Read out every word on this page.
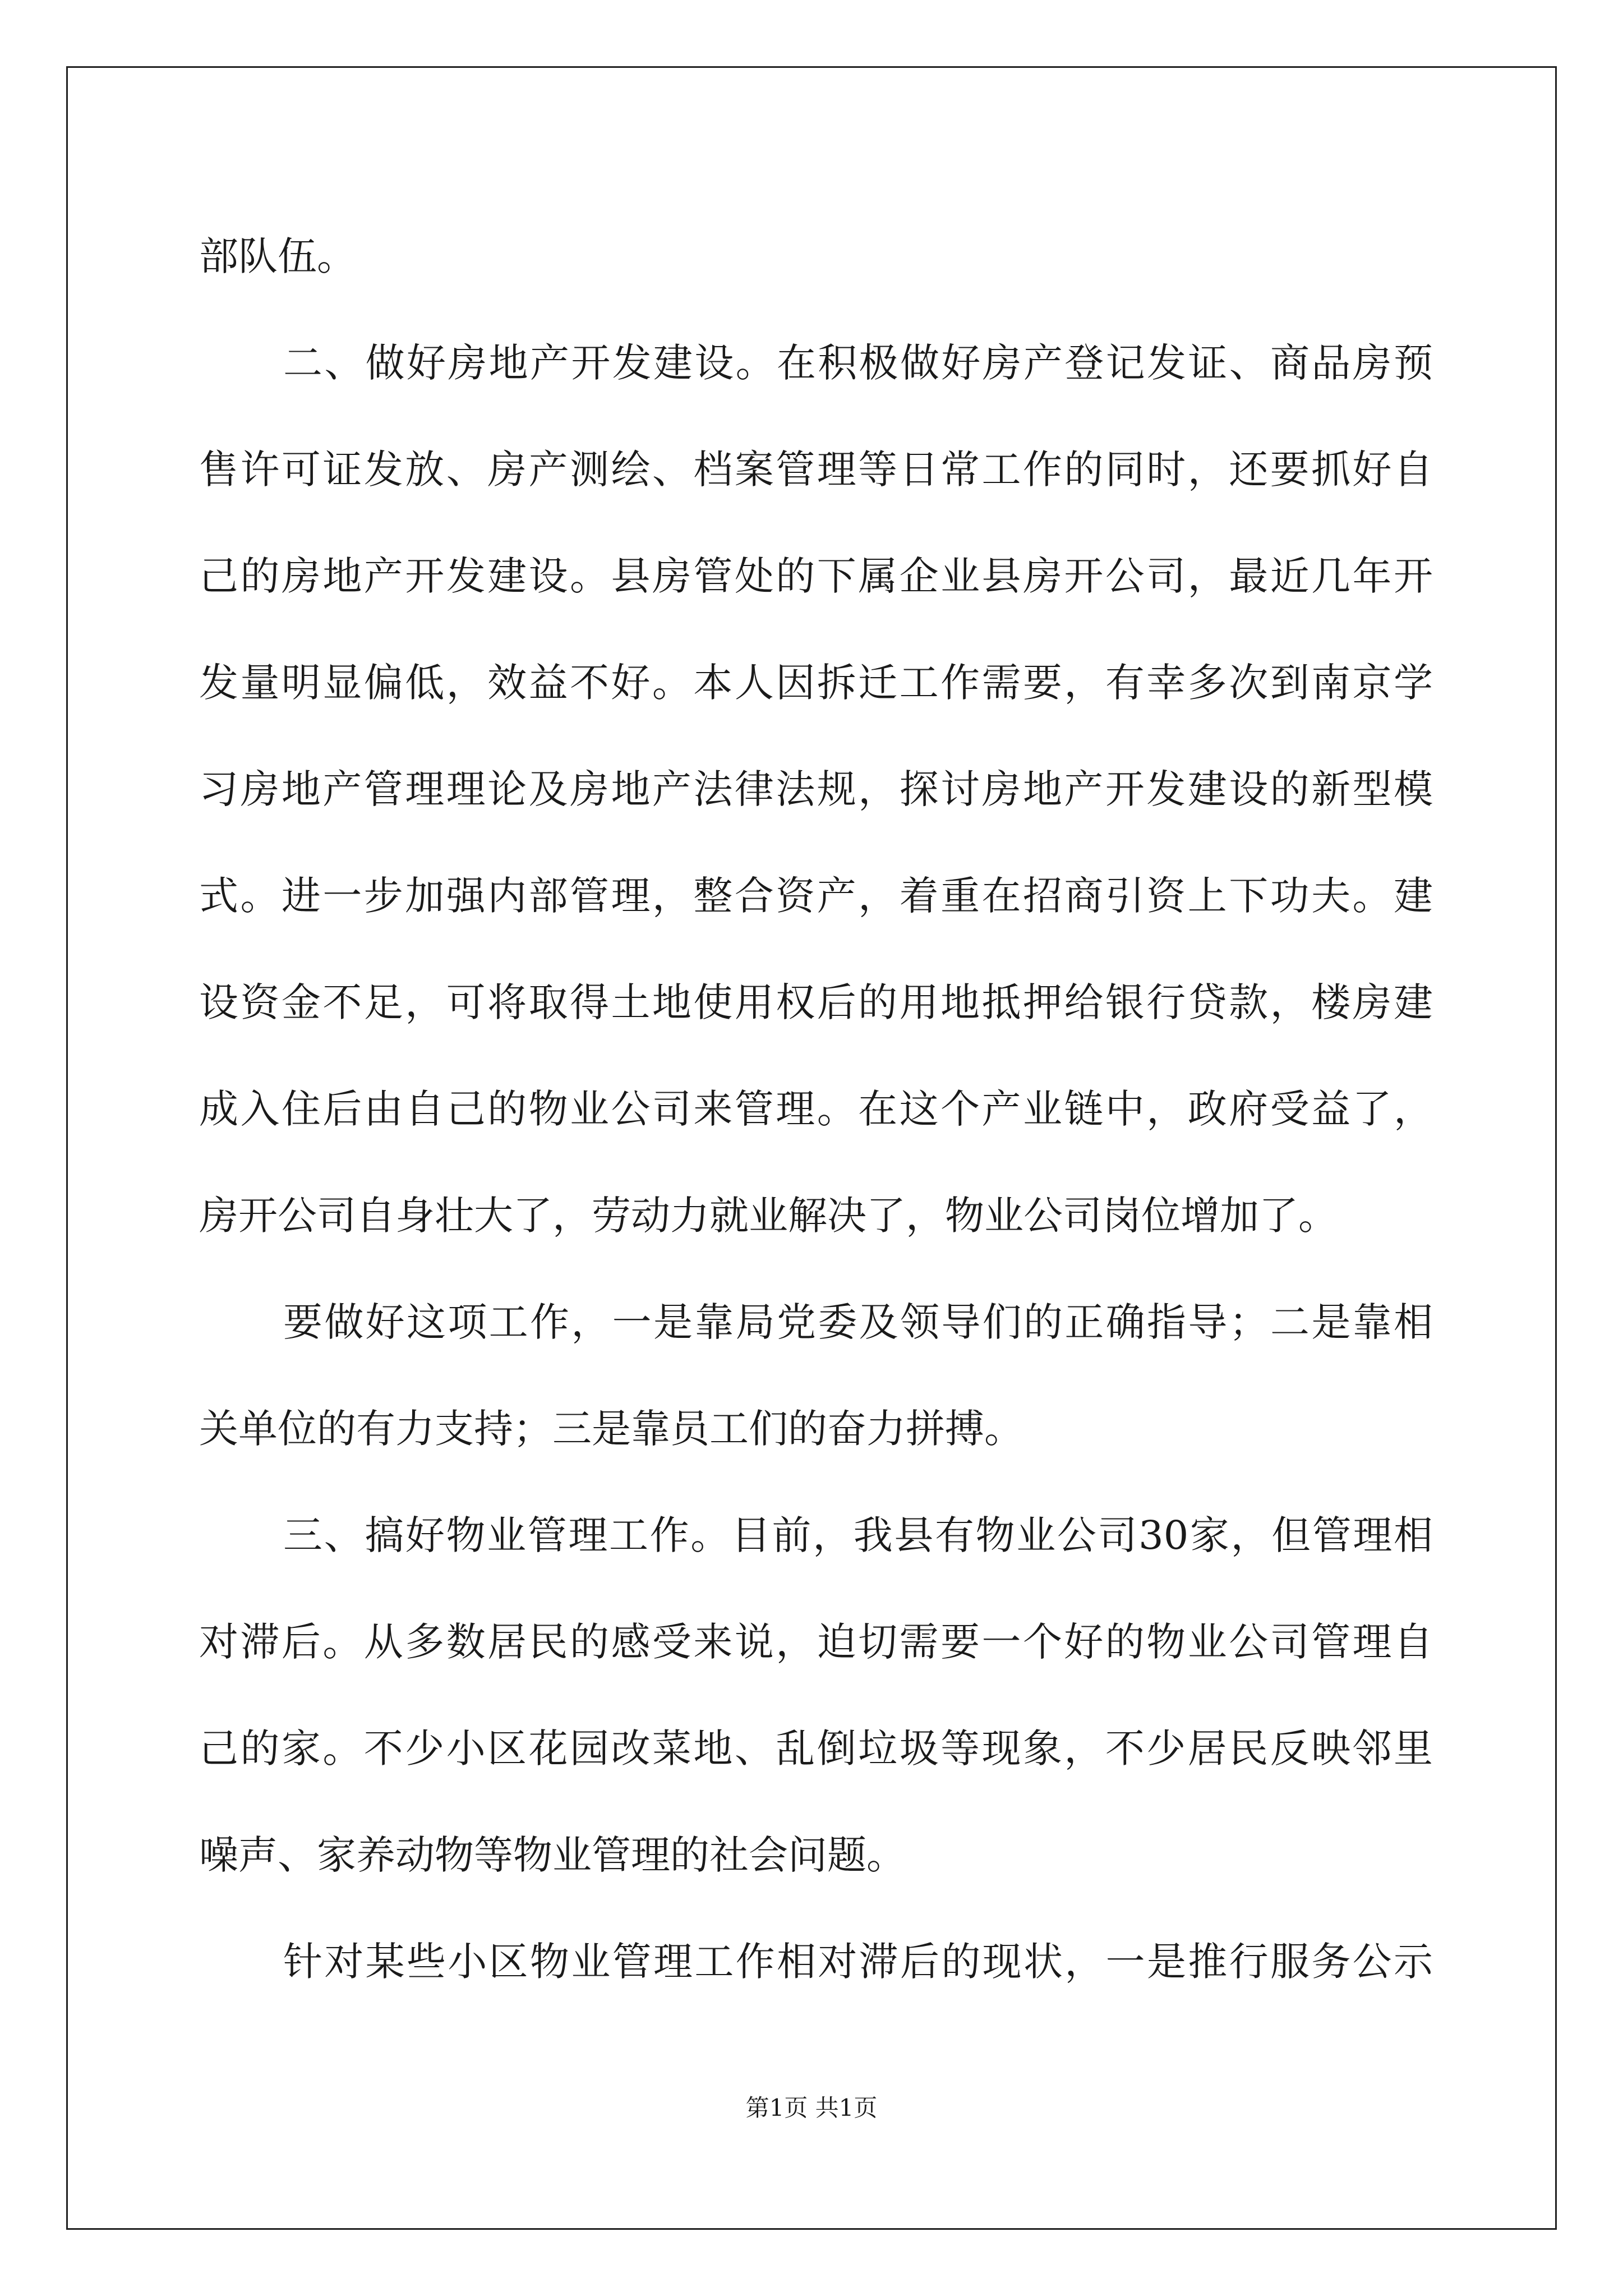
部队伍。
二、做好房地产开发建设。在积极做好房产登记发证、商品房预
售许可证发放、房产测绘、档案管理等日常工作的同时，还要抓好自
己的房地产开发建设。县房管处的下属企业县房开公司，最近几年开
发量明显偏低，效益不好。本人因拆迁工作需要，有幸多次到南京学
习房地产管理理论及房地产法律法规，探讨房地产开发建设的新型模
式。进一步加强内部管理，整合资产，着重在招商引资上下功夫。建
设资金不足，可将取得土地使用权后的用地抵押给银行贷款，楼房建
成入住后由自己的物业公司来管理。在这个产业链中，政府受益了，
房开公司自身壮大了，劳动力就业解决了，物业公司岗位增加了。
要做好这项工作，一是靠局党委及领导们的正确指导；二是靠相
关单位的有力支持；三是靠员工们的奋力拼搏。
三、搞好物业管理工作。目前，我县有物业公司30家，但管理相
对滞后。从多数居民的感受来说，迫切需要一个好的物业公司管理自
己的家。不少小区花园改菜地、乱倒垃圾等现象，不少居民反映邻里
噪声、家养动物等物业管理的社会问题。
针对某些小区物业管理工作相对滞后的现状，一是推行服务公示
第1页 共1页
